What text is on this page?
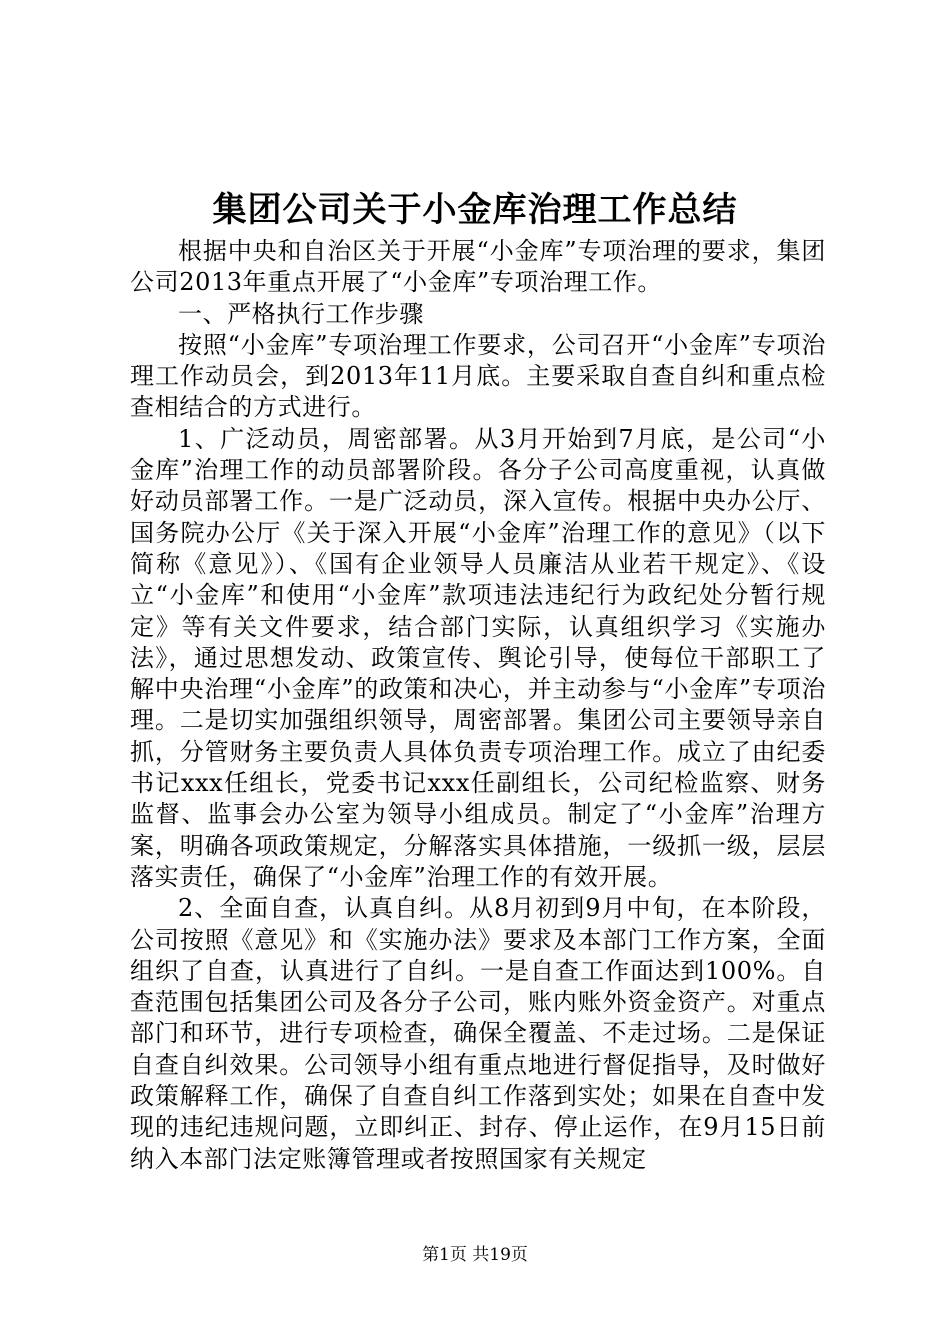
集团公司关于小金库治理工作总结

根据中央和自治区关于开展“小金库”专项治理的要求，集团公司2013年重点开展了“小金库”专项治理工作。

一、严格执行工作步骤

按照“小金库”专项治理工作要求，公司召开“小金库”专项治理工作动员会，到2013年11月底。主要采取自查自纠和重点检查相结合的方式进行。

1、广泛动员，周密部署。从3月开始到7月底，是公司“小金库”治理工作的动员部署阶段。各分子公司高度重视，认真做好动员部署工作。一是广泛动员，深入宣传。根据中央办公厅、国务院办公厅《关于深入开展“小金库”治理工作的意见》（以下简称《意见》）、《国有企业领导人员廉洁从业若干规定》、《设立“小金库”和使用“小金库”款项违法违纪行为政纪处分暂行规定》等有关文件要求，结合部门实际，认真组织学习《实施办法》，通过思想发动、政策宣传、舆论引导，使每位干部职工了解中央治理“小金库”的政策和决心，并主动参与“小金库”专项治理。二是切实加强组织领导，周密部署。集团公司主要领导亲自抓，分管财务主要负责人具体负责专项治理工作。成立了由纪委书记xxx任组长，党委书记xxx任副组长，公司纪检监察、财务监督、监事会办公室为领导小组成员。制定了“小金库”治理方案，明确各项政策规定，分解落实具体措施，一级抓一级，层层落实责任，确保了“小金库”治理工作的有效开展。

2、全面自查，认真自纠。从8月初到9月中旬，在本阶段，公司按照《意见》和《实施办法》要求及本部门工作方案，全面组织了自查，认真进行了自纠。一是自查工作面达到100%。自查范围包括集团公司及各分子公司，账内账外资金资产。对重点部门和环节，进行专项检查，确保全覆盖、不走过场。二是保证自查自纠效果。公司领导小组有重点地进行督促指导，及时做好政策解释工作，确保了自查自纠工作落到实处；如果在自查中发现的违纪违规问题，立即纠正、封存、停止运作，在9月15日前纳入本部门法定账簿管理或者按照国家有关规定

第1页 共19页
